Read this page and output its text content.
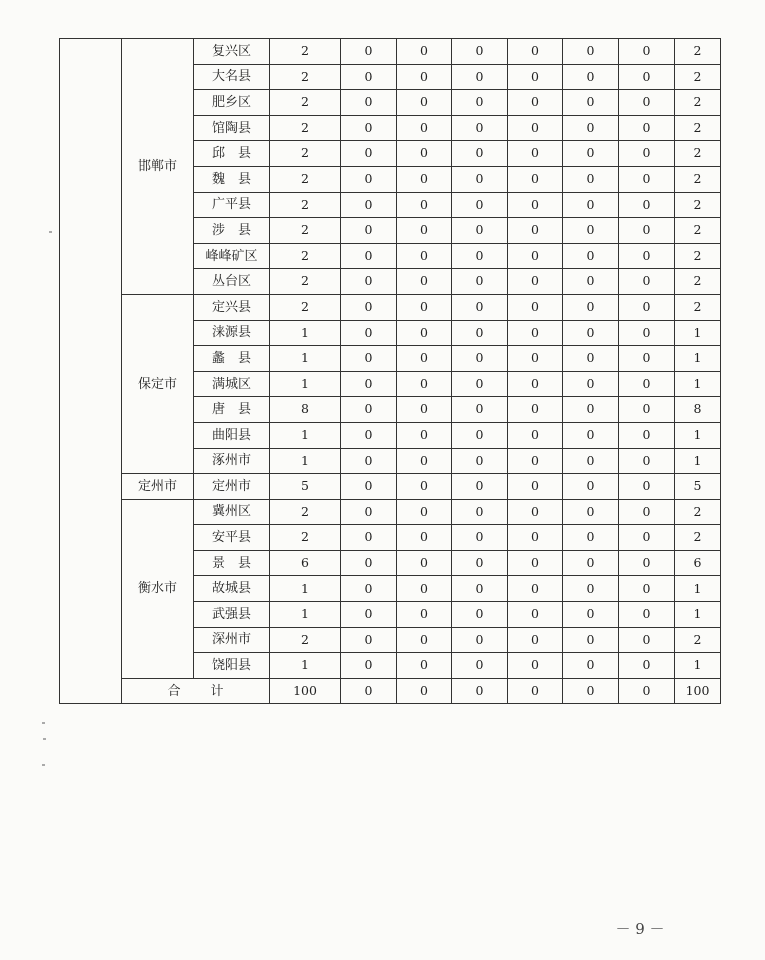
	邯郸市	复兴区	2	0	0	0	0	0	0	2
		大名县	2	0	0	0	0	0	0	2
		肥乡区	2	0	0	0	0	0	0	2
		馆陶县	2	0	0	0	0	0	0	2
		邱　县	2	0	0	0	0	0	0	2
		魏　县	2	0	0	0	0	0	0	2
		广平县	2	0	0	0	0	0	0	2
		涉　县	2	0	0	0	0	0	0	2
		峰峰矿区	2	0	0	0	0	0	0	2
		丛台区	2	0	0	0	0	0	0	2
	保定市	定兴县	2	0	0	0	0	0	0	2
		涞源县	1	0	0	0	0	0	0	1
		蠡　县	1	0	0	0	0	0	0	1
		满城区	1	0	0	0	0	0	0	1
		唐　县	8	0	0	0	0	0	0	8
		曲阳县	1	0	0	0	0	0	0	1
		涿州市	1	0	0	0	0	0	0	1
	定州市	定州市	5	0	0	0	0	0	0	5
	衡水市	冀州区	2	0	0	0	0	0	0	2
		安平县	2	0	0	0	0	0	0	2
		景　县	6	0	0	0	0	0	0	6
		故城县	1	0	0	0	0	0	0	1
		武强县	1	0	0	0	0	0	0	1
		深州市	2	0	0	0	0	0	0	2
		饶阳县	1	0	0	0	0	0	0	1
	合 计		100	0	0	0	0	0	0	100
－ 9 －
